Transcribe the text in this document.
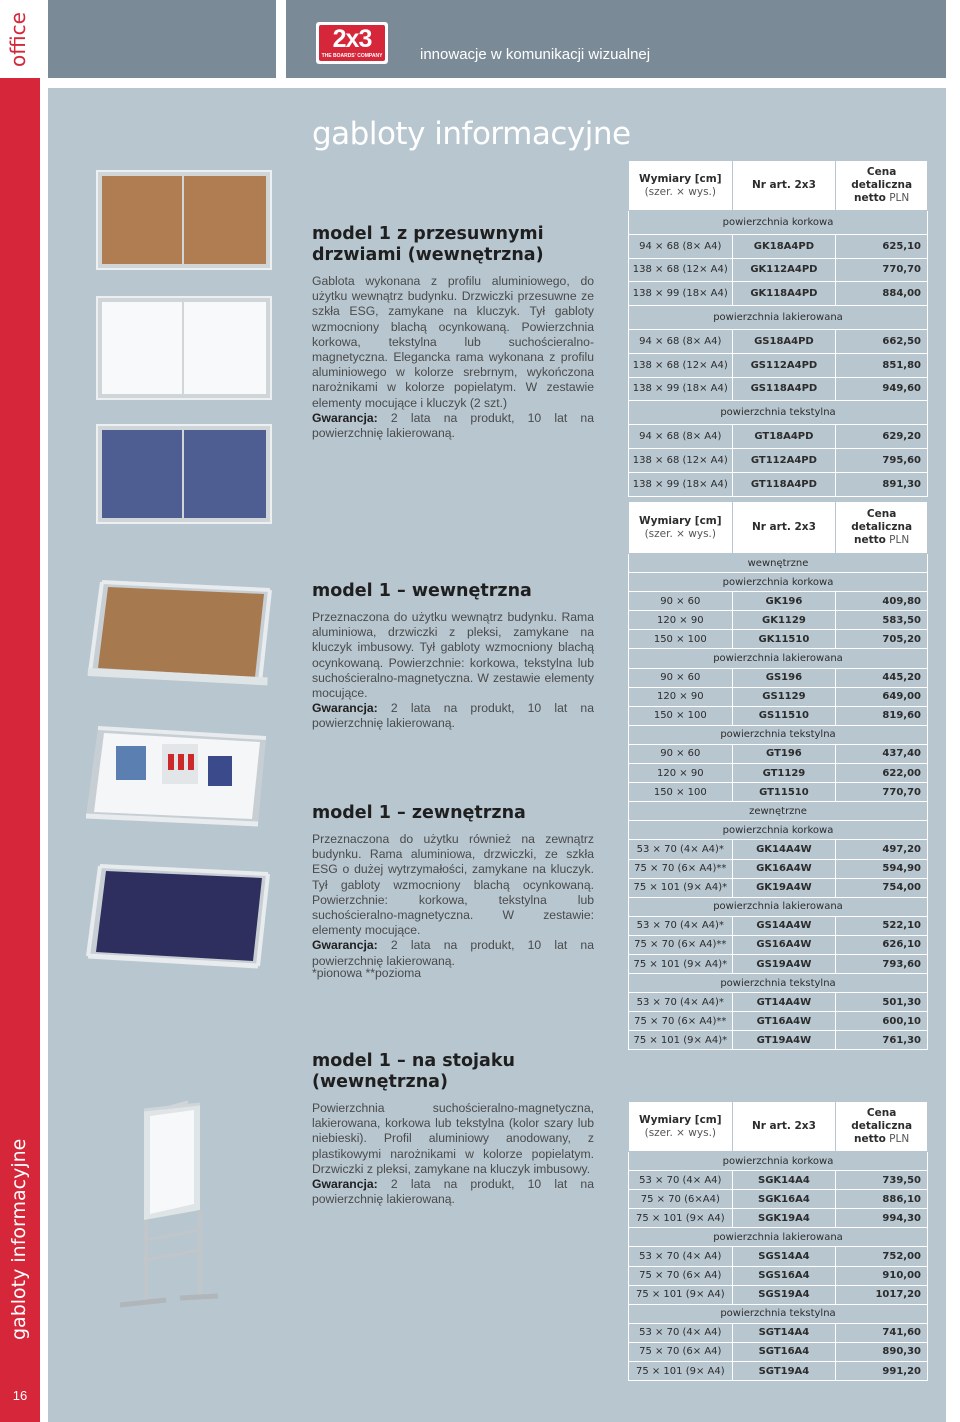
office
gabloty informacyjne
16
2x3
THE BOARDS' COMPANY	innowacje w komunikacji wizualnej
gabloty informacyjne
model 1 z przesuwnymi drzwiami (wewnętrzna)

Gablota wykonana z profilu aluminiowego, do użytku wewnątrz budynku. Drzwiczki przesuwne ze szkła ESG, zamykane na kluczyk. Tył gabloty wzmocniony blachą ocynkowaną. Powierzchnia korkowa, tekstylna lub suchościeralno-magnetyczna. Elegancka rama wykonana z profilu aluminiowego w kolorze srebrnym, wykończona narożnikami w kolorze popielatym. W zestawie elementy mocujące i kluczyk (2 szt.)
Gwarancja: 2 lata na produkt, 10 lat na powierzchnię lakierowaną.

model 1 – wewnętrzna

Przeznaczona do użytku wewnątrz budynku. Rama aluminiowa, drzwiczki z pleksi, zamykane na kluczyk imbusowy. Tył gabloty wzmocniony blachą ocynkowaną. Powierzchnie: korkowa, tekstylna lub suchościeralno-magnetyczna. W zestawie elementy mocujące.
Gwarancja: 2 lata na produkt, 10 lat na powierzchnię lakierowaną.

model 1 – zewnętrzna

Przeznaczona do użytku również na zewnątrz budynku. Rama aluminiowa, drzwiczki, ze szkła ESG o dużej wytrzymałości, zamykane na kluczyk. Tył gabloty wzmocniony blachą ocynkowaną. Powierzchnie: korkowa, tekstylna lub suchościeralno-magnetyczna. W zestawie: elementy mocujące.
Gwarancja: 2 lata na produkt, 10 lat na powierzchnię lakierowaną.

*pionowa **pozioma
model 1 – na stojaku (wewnętrzna)

Powierzchnia suchościeralno-magnetyczna, lakierowana, korkowa lub tekstylna (kolor szary lub niebieski). Profil aluminiowy anodowany, z plastikowymi narożnikami w kolorze popielatym. Drzwiczki z pleksi, zamykane na kluczyk imbusowy.
Gwarancja: 2 lata na produkt, 10 lat na powierzchnię lakierowaną.

Wymiary [cm]
(szer. × wys.)	Nr art. 2x3	Cena
detaliczna
netto PLN
powierzchnia korkowa		
94 × 68 (8× A4)	GK18A4PD	625,10
138 × 68 (12× A4)	GK112A4PD	770,70
138 × 99 (18× A4)	GK118A4PD	884,00
powierzchnia lakierowana		
94 × 68 (8× A4)	GS18A4PD	662,50
138 × 68 (12× A4)	GS112A4PD	851,80
138 × 99 (18× A4)	GS118A4PD	949,60
powierzchnia tekstylna		
94 × 68 (8× A4)	GT18A4PD	629,20
138 × 68 (12× A4)	GT112A4PD	795,60
138 × 99 (18× A4)	GT118A4PD	891,30
Wymiary [cm]
(szer. × wys.)	Nr art. 2x3	Cena
detaliczna
netto PLN
wewnętrzne		
powierzchnia korkowa		
90 × 60	GK196	409,80
120 × 90	GK1129	583,50
150 × 100	GK11510	705,20
powierzchnia lakierowana		
90 × 60	GS196	445,20
120 × 90	GS1129	649,00
150 × 100	GS11510	819,60
powierzchnia tekstylna		
90 × 60	GT196	437,40
120 × 90	GT1129	622,00
150 × 100	GT11510	770,70
zewnętrzne		
powierzchnia korkowa		
53 × 70 (4× A4)*	GK14A4W	497,20
75 × 70 (6× A4)**	GK16A4W	594,90
75 × 101 (9× A4)*	GK19A4W	754,00
powierzchnia lakierowana		
53 × 70 (4× A4)*	GS14A4W	522,10
75 × 70 (6× A4)**	GS16A4W	626,10
75 × 101 (9× A4)*	GS19A4W	793,60
powierzchnia tekstylna		
53 × 70 (4× A4)*	GT14A4W	501,30
75 × 70 (6× A4)**	GT16A4W	600,10
75 × 101 (9× A4)*	GT19A4W	761,30
Wymiary [cm]
(szer. × wys.)	Nr art. 2x3	Cena
detaliczna
netto PLN
powierzchnia korkowa		
53 × 70 (4× A4)	SGK14A4	739,50
75 × 70 (6×A4)	SGK16A4	886,10
75 × 101 (9× A4)	SGK19A4	994,30
powierzchnia lakierowana		
53 × 70 (4× A4)	SGS14A4	752,00
75 × 70 (6× A4)	SGS16A4	910,00
75 × 101 (9× A4)	SGS19A4	1017,20
powierzchnia tekstylna		
53 × 70 (4× A4)	SGT14A4	741,60
75 × 70 (6× A4)	SGT16A4	890,30
75 × 101 (9× A4)	SGT19A4	991,20
